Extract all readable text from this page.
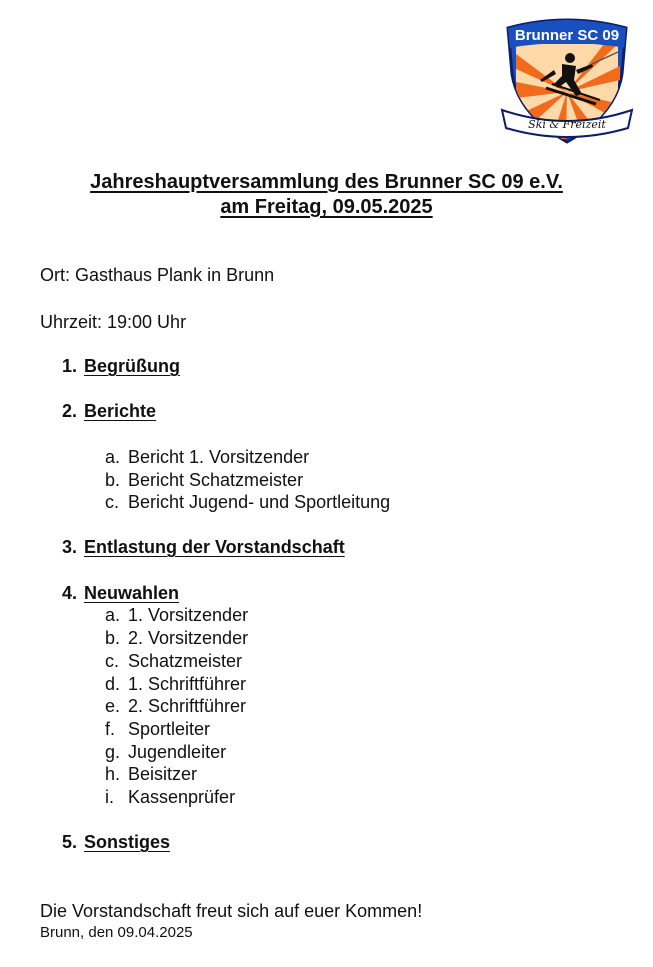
Brunner SC 09
Ski & Freizeit
Jahreshauptversammlung des Brunner SC 09 e.V.
am Freitag, 09.05.2025
Ort: Gasthaus Plank in Brunn
Uhrzeit: 19:00 Uhr
1. Begrüßung
2. Berichte
a. Bericht 1. Vorsitzender
b. Bericht Schatzmeister
c. Bericht Jugend- und Sportleitung
3. Entlastung der Vorstandschaft
4. Neuwahlen
a. 1. Vorsitzender
b. 2. Vorsitzender
c. Schatzmeister
d. 1. Schriftführer
e. 2. Schriftführer
f. Sportleiter
g. Jugendleiter
h. Beisitzer
i. Kassenprüfer
5. Sonstiges
Die Vorstandschaft freut sich auf euer Kommen!
Brunn, den 09.04.2025
